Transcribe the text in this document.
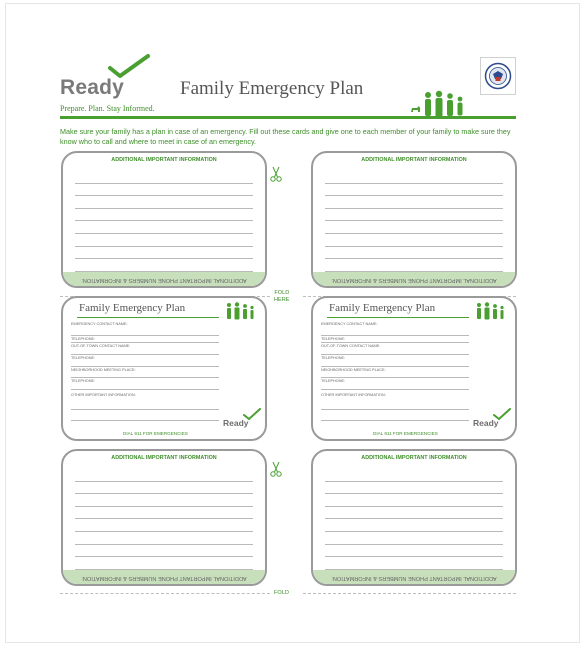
Ready
Prepare. Plan. Stay Informed.
Family Emergency Plan
Make sure your family has a plan in case of an emergency. Fill out these cards and give one to each member of your family to make sure they know who to call and where to meet in case of an emergency.
ADDITIONAL IMPORTANT INFORMATION
ADDITIONAL IMPORTANT PHONE NUMBERS & INFORMATION:
ADDITIONAL IMPORTANT INFORMATION
ADDITIONAL IMPORTANT PHONE NUMBERS & INFORMATION:
FOLD
HERE
Family Emergency Plan
EMERGENCY CONTACT NAME:
TELEPHONE:
OUT-OF-TOWN CONTACT NAME:
TELEPHONE:
NEIGHBORHOOD MEETING PLACE:
TELEPHONE:
OTHER IMPORTANT INFORMATION:
Ready
DIAL 911 FOR EMERGENCIES
Family Emergency Plan
EMERGENCY CONTACT NAME:
TELEPHONE:
OUT-OF-TOWN CONTACT NAME:
TELEPHONE:
NEIGHBORHOOD MEETING PLACE:
TELEPHONE:
OTHER IMPORTANT INFORMATION:
Ready
DIAL 911 FOR EMERGENCIES
ADDITIONAL IMPORTANT INFORMATION
ADDITIONAL IMPORTANT PHONE NUMBERS & INFORMATION:
ADDITIONAL IMPORTANT INFORMATION
ADDITIONAL IMPORTANT PHONE NUMBERS & INFORMATION:
FOLD
